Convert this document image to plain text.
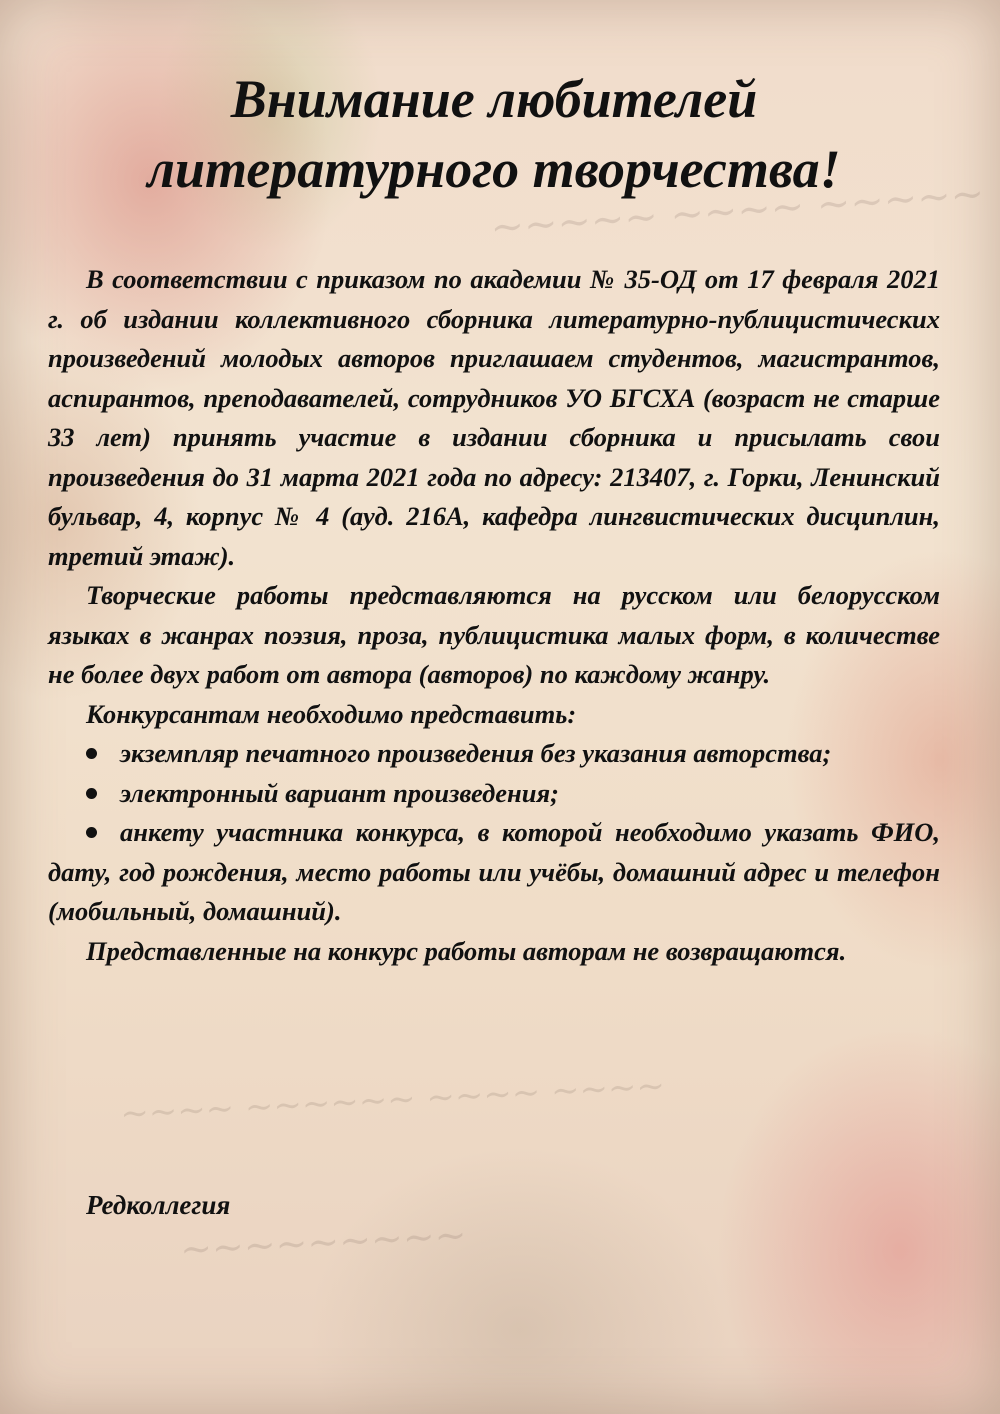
~~~~~ ~~~~ ~~~~~
~~~~ ~~~~~~ ~~~~ ~~~~
~~~~~~~~~
Внимание любителей
литературного творчества!

В соответствии с приказом по академии № 35-ОД от 17 февраля 2021 г. об издании коллективного сборника литературно-публицистических произведений молодых авторов приглашаем студентов, магистрантов, аспирантов, преподавателей, сотрудников УО БГСХА (возраст не старше 33 лет) принять участие в издании сборника и присылать свои произведения до 31 марта 2021 года по адресу: 213407, г. Горки, Ленинский бульвар, 4, корпус № 4 (ауд. 216А, кафедра лингвистических дисциплин, третий этаж).

Творческие работы представляются на русском или белорусском языках в жанрах поэзия, проза, публицистика малых форм, в количестве не более двух работ от автора (авторов) по каждому жанру.

Конкурсантам необходимо представить:

экземпляр печатного произведения без указания авторства;
электронный вариант произведения;
анкету участника конкурса, в которой необходимо указать ФИО, дату, год рождения, место работы или учёбы, домашний адрес и телефон (мобильный, домашний).

Представленные на конкурс работы авторам не возвращаются.

Редколлегия
